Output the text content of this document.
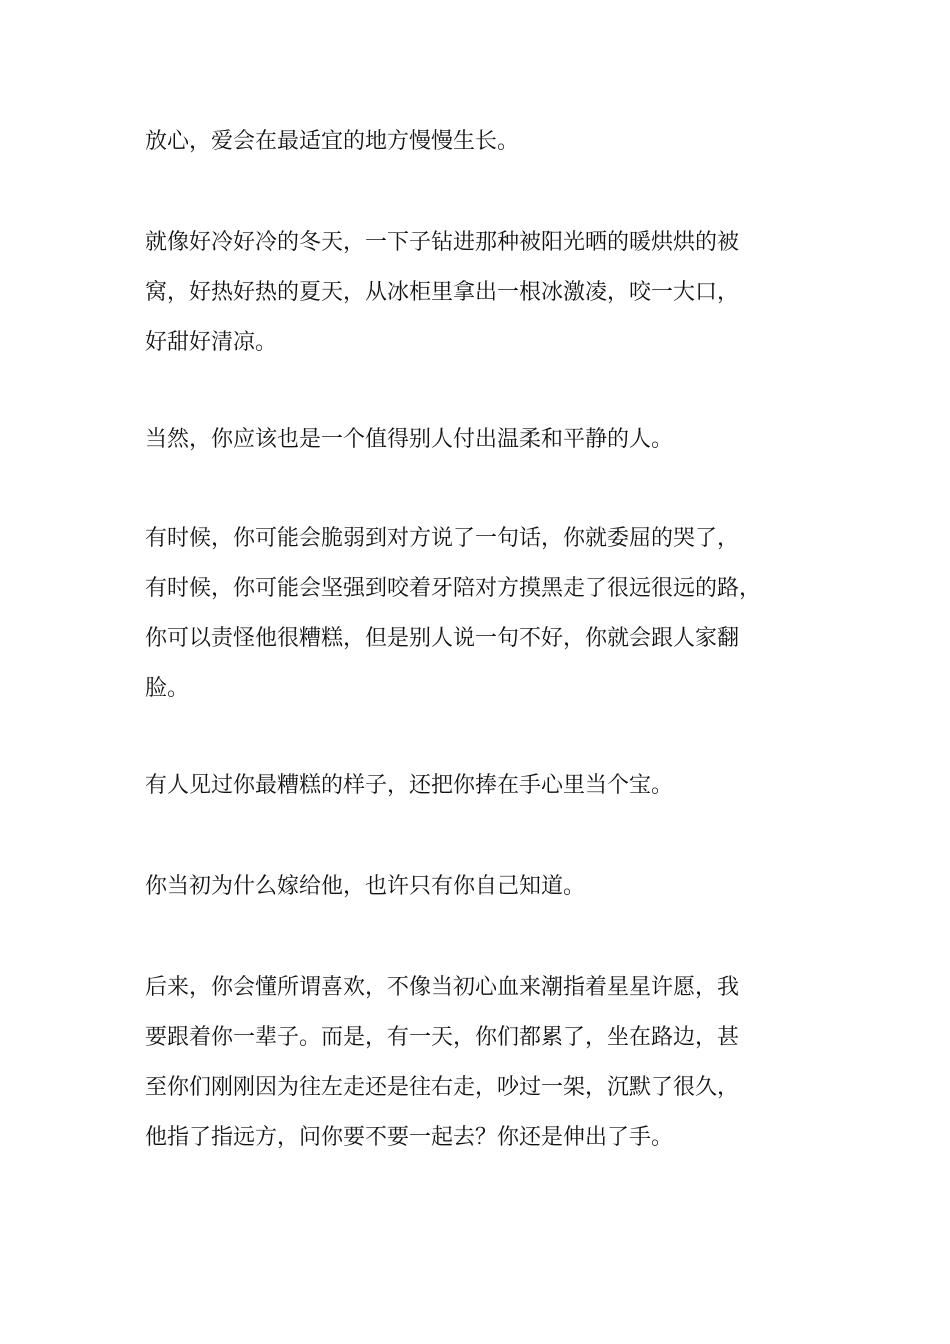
放心，爱会在最适宜的地方慢慢生长。

就像好冷好冷的冬天，一下子钻进那种被阳光晒的暖烘烘的被
窝，好热好热的夏天，从冰柜里拿出一根冰激凌，咬一大口，
好甜好清凉。

当然，你应该也是一个值得别人付出温柔和平静的人。

有时候，你可能会脆弱到对方说了一句话，你就委屈的哭了，
有时候，你可能会坚强到咬着牙陪对方摸黑走了很远很远的路，
你可以责怪他很糟糕，但是别人说一句不好，你就会跟人家翻
脸。

有人见过你最糟糕的样子，还把你捧在手心里当个宝。

你当初为什么嫁给他，也许只有你自己知道。

后来，你会懂所谓喜欢，不像当初心血来潮指着星星许愿，我
要跟着你一辈子。而是，有一天，你们都累了，坐在路边，甚
至你们刚刚因为往左走还是往右走，吵过一架，沉默了很久，
他指了指远方，问你要不要一起去？你还是伸出了手。
